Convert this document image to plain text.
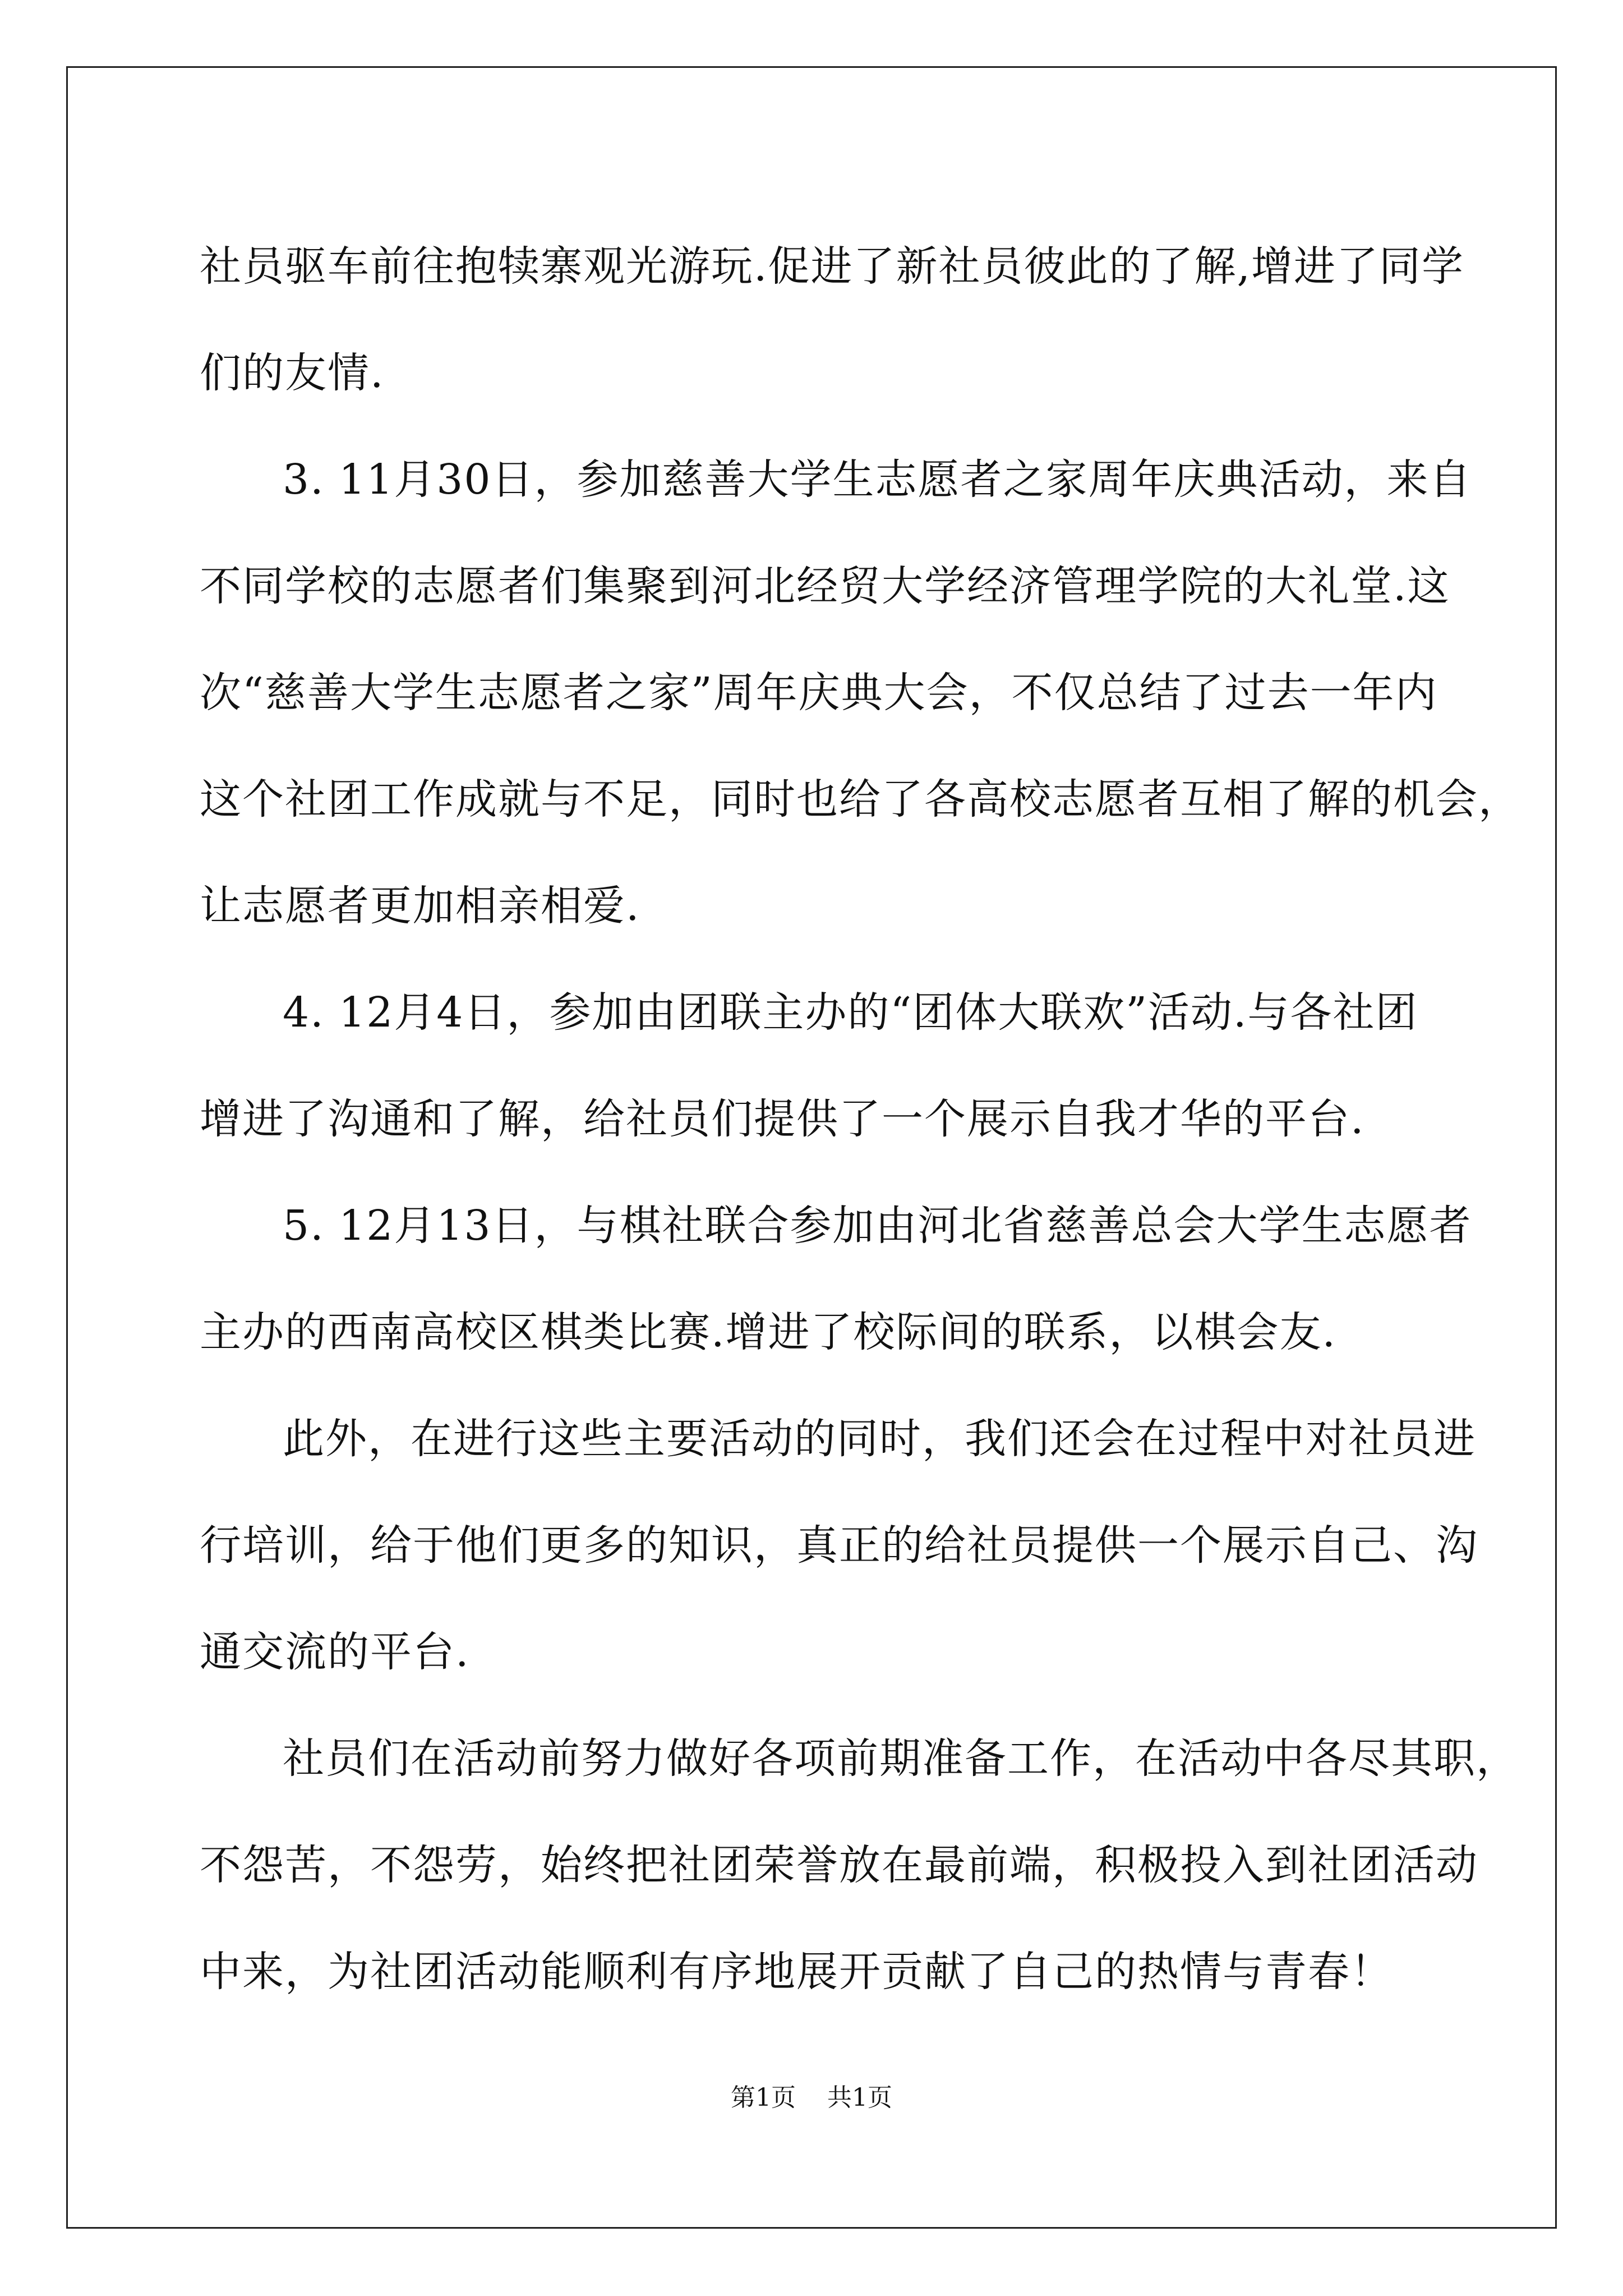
社员驱车前往抱犊寨观光游玩.促进了新社员彼此的了解,增进了同学
们的友情.
3. 11月30日，参加慈善大学生志愿者之家周年庆典活动，来自
不同学校的志愿者们集聚到河北经贸大学经济管理学院的大礼堂.这
次“慈善大学生志愿者之家”周年庆典大会，不仅总结了过去一年内
这个社团工作成就与不足，同时也给了各高校志愿者互相了解的机会，
让志愿者更加相亲相爱.
4. 12月4日，参加由团联主办的“团体大联欢”活动.与各社团
增进了沟通和了解，给社员们提供了一个展示自我才华的平台.
5. 12月13日，与棋社联合参加由河北省慈善总会大学生志愿者
主办的西南高校区棋类比赛.增进了校际间的联系，以棋会友.
此外，在进行这些主要活动的同时，我们还会在过程中对社员进
行培训，给于他们更多的知识，真正的给社员提供一个展示自己、沟
通交流的平台.
社员们在活动前努力做好各项前期准备工作，在活动中各尽其职，
不怨苦，不怨劳，始终把社团荣誉放在最前端，积极投入到社团活动
中来，为社团活动能顺利有序地展开贡献了自己的热情与青春！
第1页 共1页
